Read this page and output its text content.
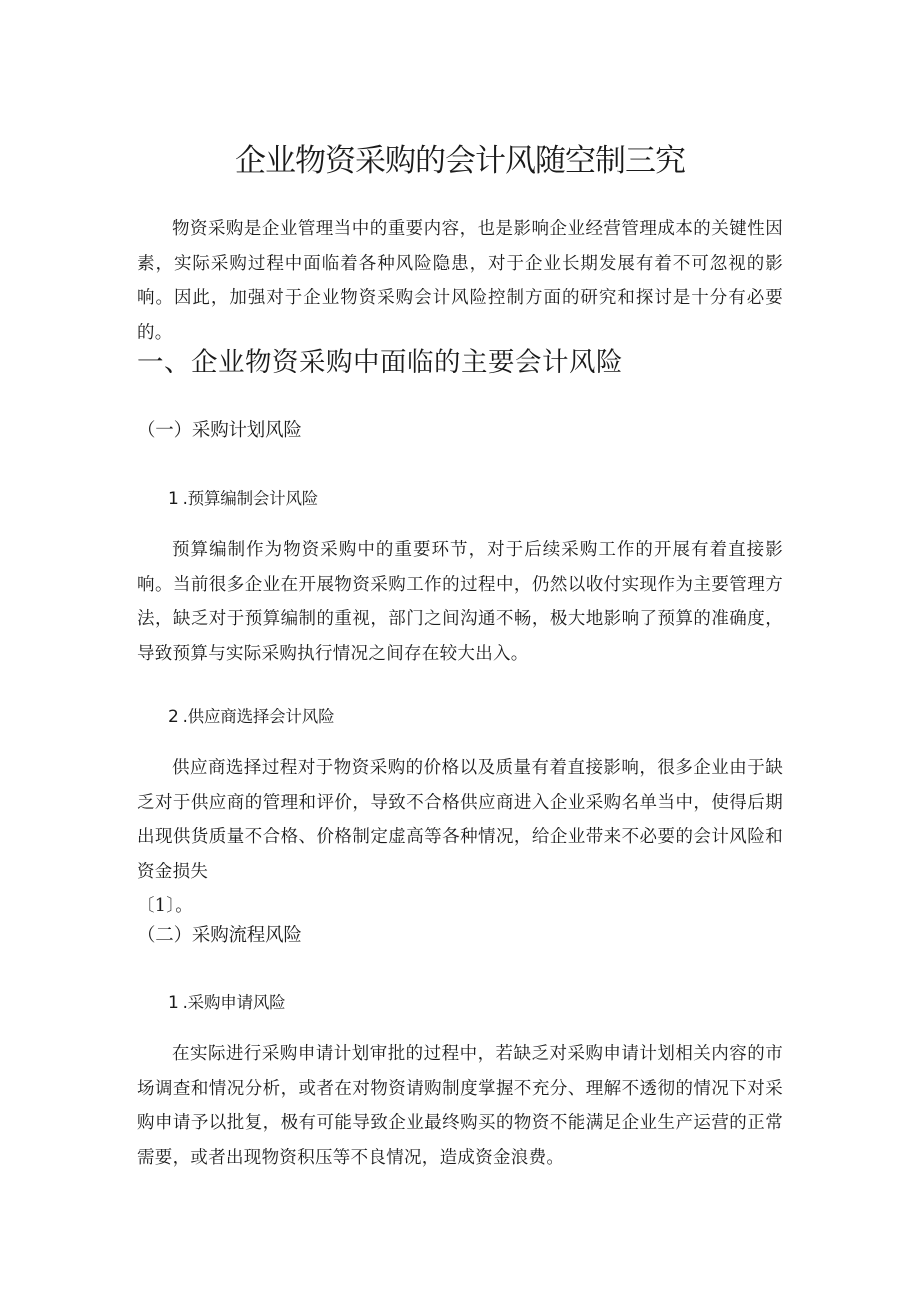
企业物资采购的会计风随空制三究

物资采购是企业管理当中的重要内容，也是影响企业经营管理成本的关键性因素，实际采购过程中面临着各种风险隐患，对于企业长期发展有着不可忽视的影响。因此，加强对于企业物资采购会计风险控制方面的研究和探讨是十分有必要的。

一、企业物资采购中面临的主要会计风险
（一）采购计划风险
1 .预算编制会计风险

预算编制作为物资采购中的重要环节，对于后续采购工作的开展有着直接影响。当前很多企业在开展物资采购工作的过程中，仍然以收付实现作为主要管理方法，缺乏对于预算编制的重视，部门之间沟通不畅，极大地影响了预算的准确度，导致预算与实际采购执行情况之间存在较大出入。

2 .供应商选择会计风险

供应商选择过程对于物资采购的价格以及质量有着直接影响，很多企业由于缺乏对于供应商的管理和评价，导致不合格供应商进入企业采购名单当中，使得后期出现供货质量不合格、价格制定虚高等各种情况，给企业带来不必要的会计风险和资金损失
〔1〕。

（二）采购流程风险
1 .采购申请风险

在实际进行采购申请计划审批的过程中，若缺乏对采购申请计划相关内容的市场调查和情况分析，或者在对物资请购制度掌握不充分、理解不透彻的情况下对采购申请予以批复，极有可能导致企业最终购买的物资不能满足企业生产运营的正常需要，或者出现物资积压等不良情况，造成资金浪费。
